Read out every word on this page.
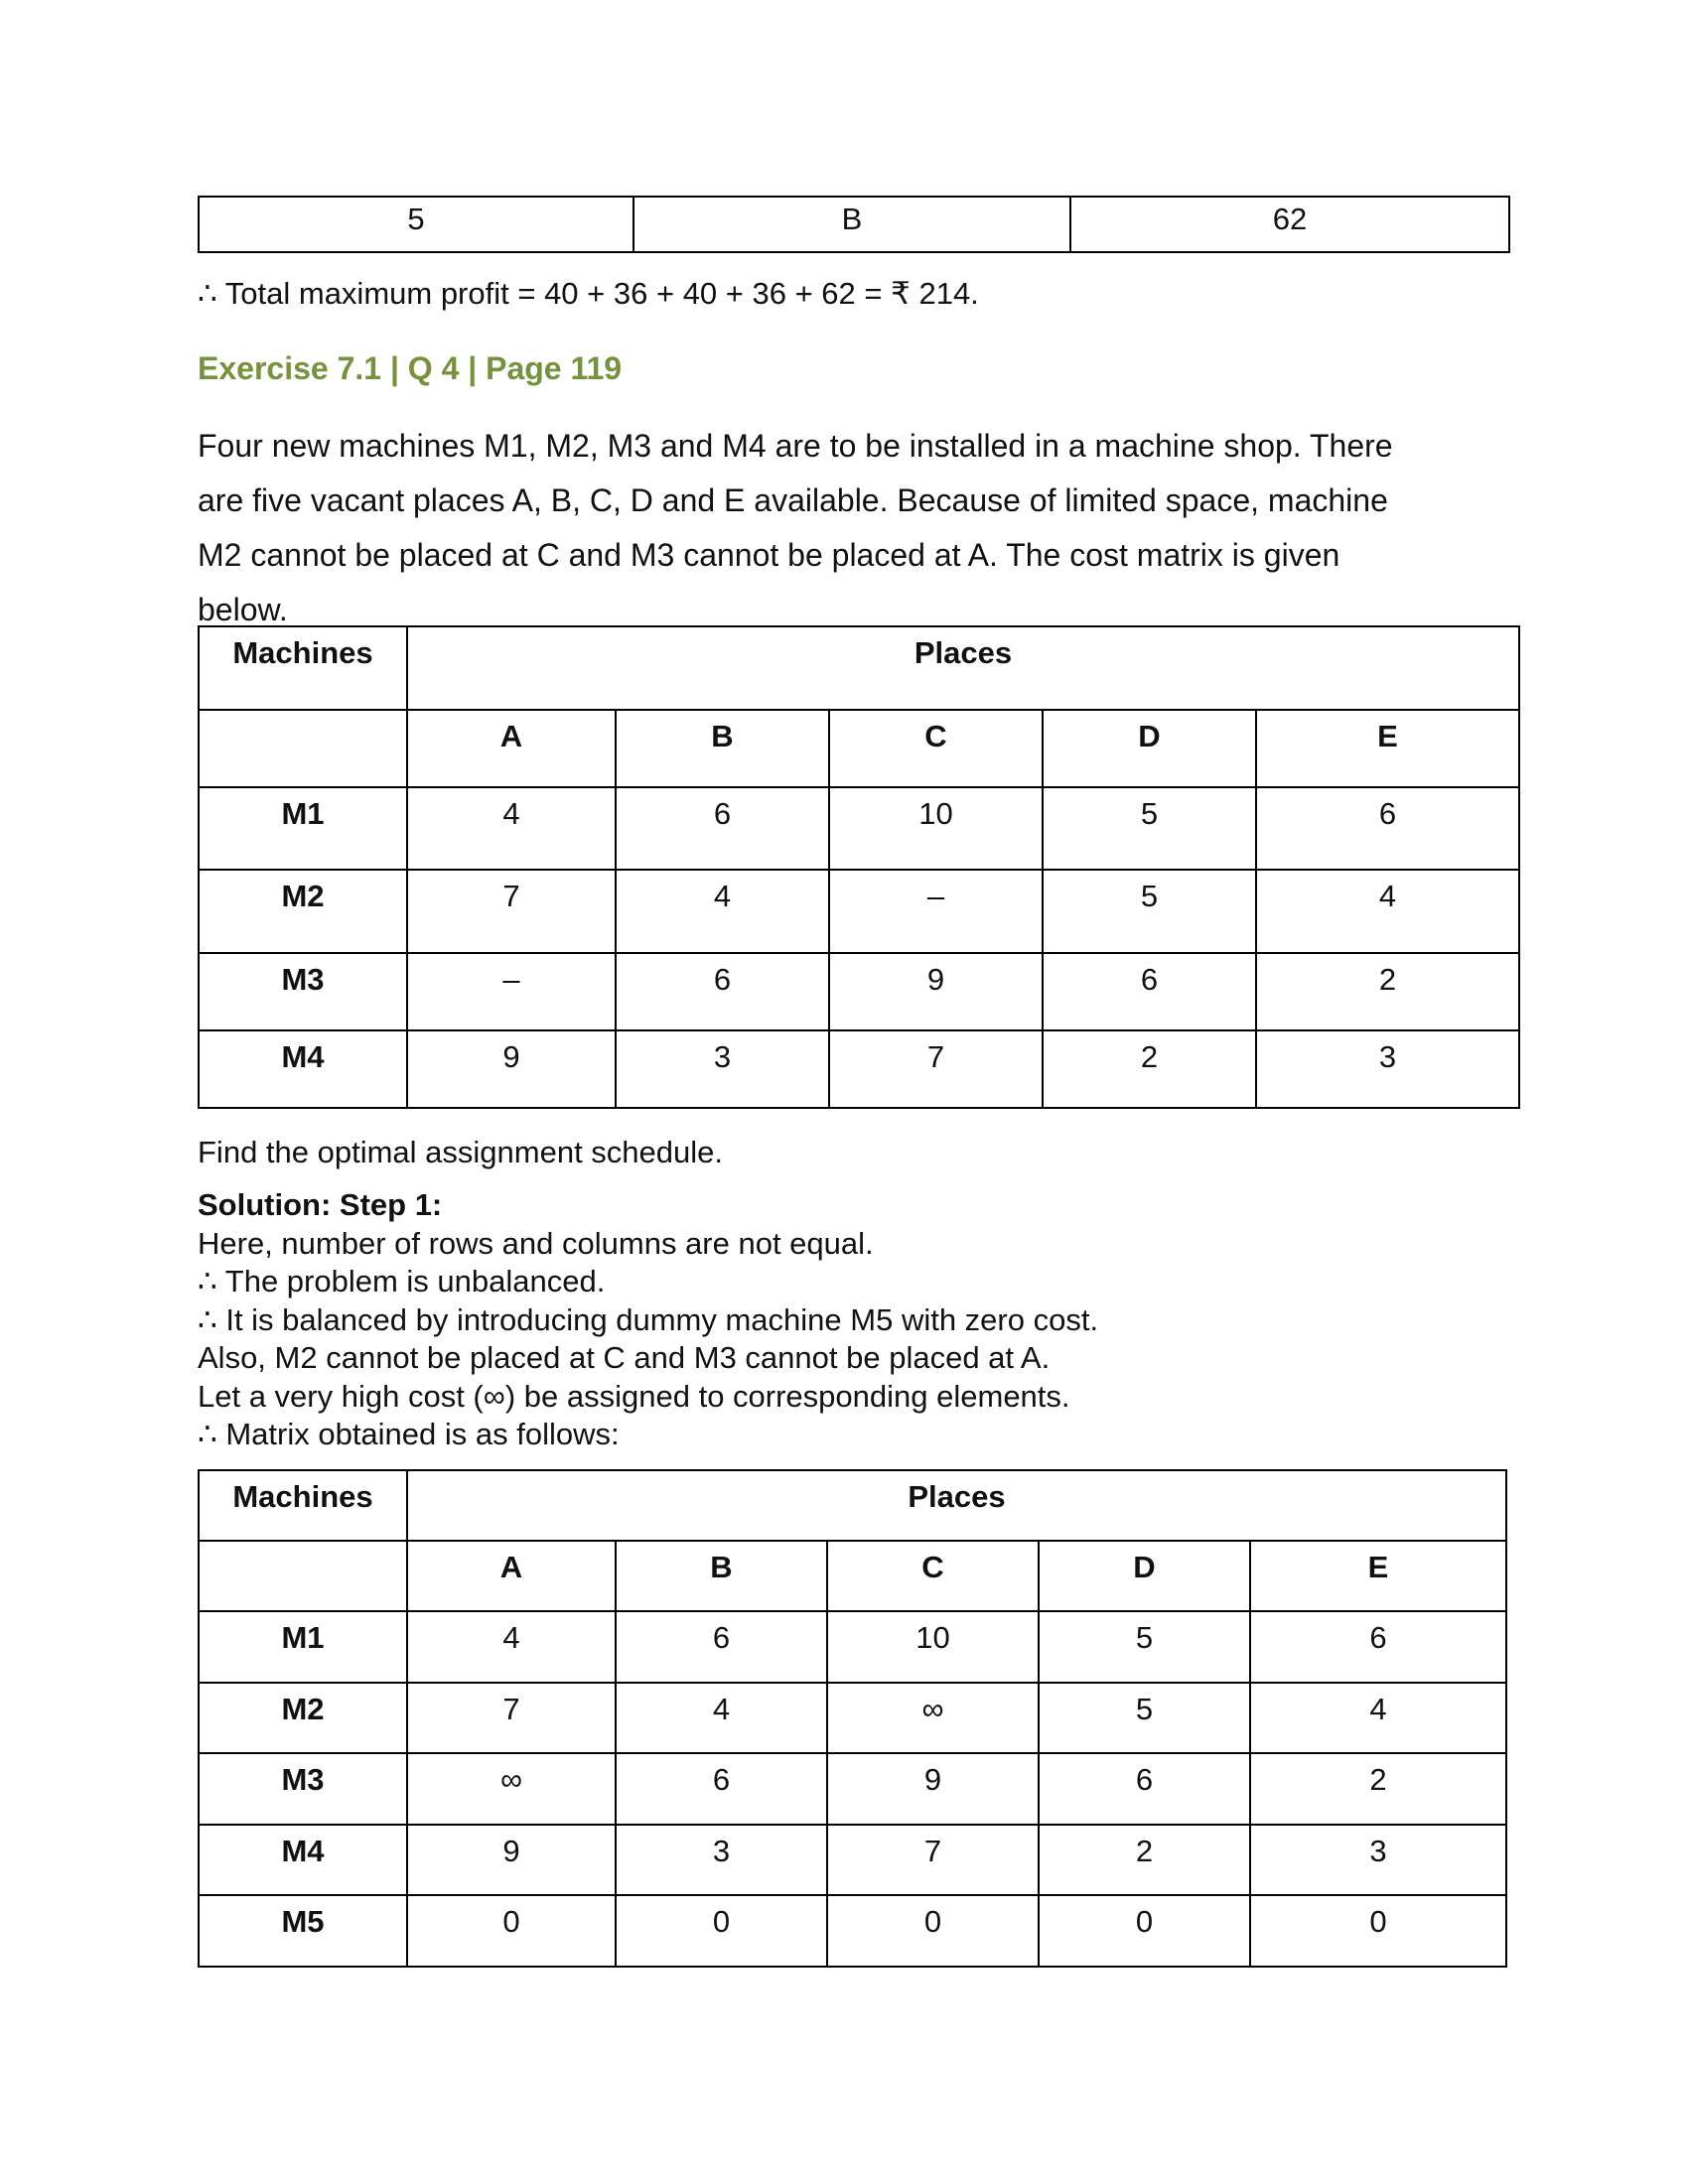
5	B	62
∴ Total maximum profit = 40 + 36 + 40 + 36 + 62 = ₹ 214.
Exercise 7.1 | Q 4 | Page 119
Four new machines M1, M2, M3 and M4 are to be installed in a machine shop. There
are five vacant places A, B, C, D and E available. Because of limited space, machine
M2 cannot be placed at C and M3 cannot be placed at A. The cost matrix is given
below.
Machines	Places				
	A	B	C	D	E
M1	4	6	10	5	6
M2	7	4	–	5	4
M3	–	6	9	6	2
M4	9	3	7	2	3
Find the optimal assignment schedule.
Solution: Step 1:
Here, number of rows and columns are not equal.
∴ The problem is unbalanced.
∴ It is balanced by introducing dummy machine M5 with zero cost.
Also, M2 cannot be placed at C and M3 cannot be placed at A.
Let a very high cost (∞) be assigned to corresponding elements.
∴ Matrix obtained is as follows:
Machines	Places				
	A	B	C	D	E
M1	4	6	10	5	6
M2	7	4	∞	5	4
M3	∞	6	9	6	2
M4	9	3	7	2	3
M5	0	0	0	0	0
